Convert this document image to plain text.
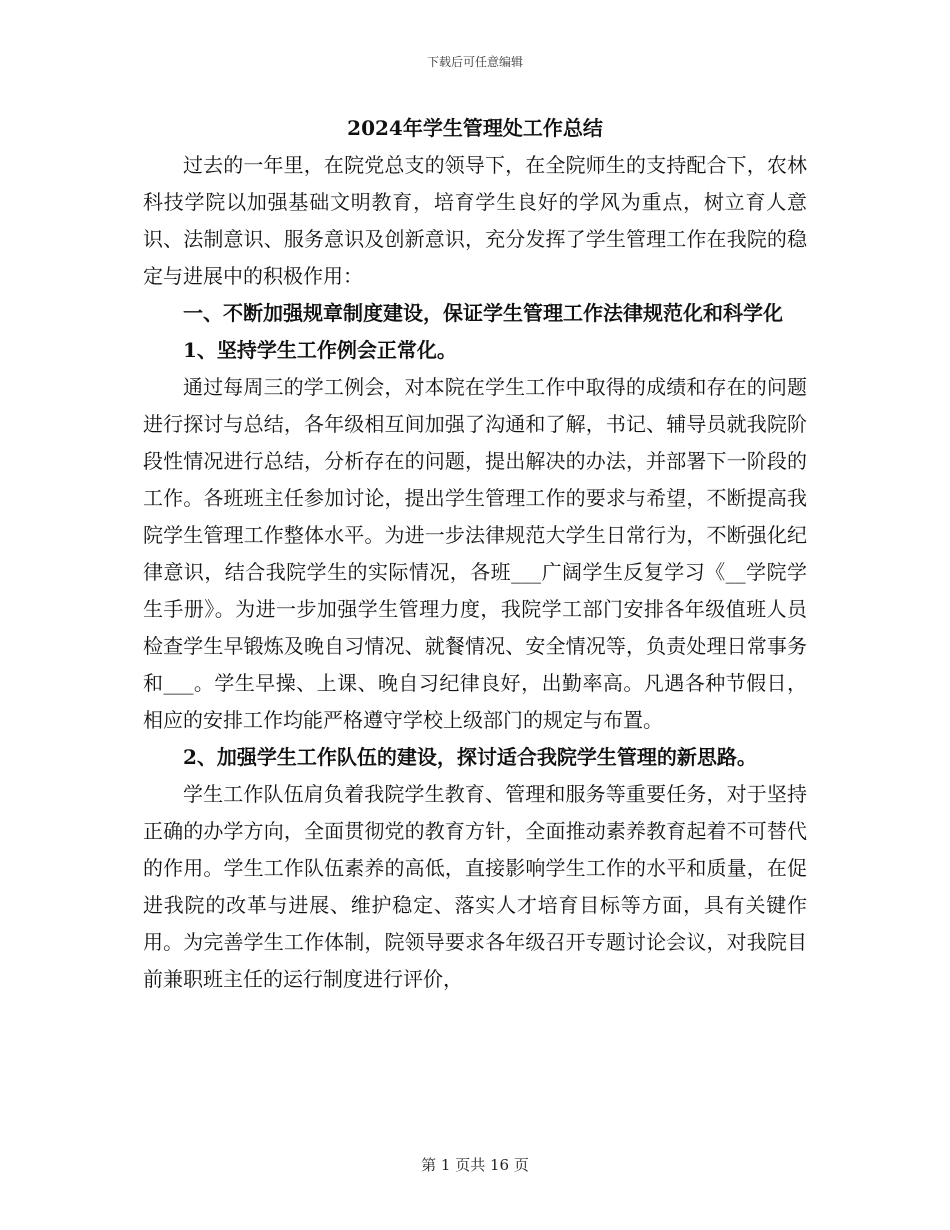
下载后可任意编辑
2024年学生管理处工作总结

过去的一年里，在院党总支的领导下，在全院师生的支持配合下，农林科技学院以加强基础文明教育，培育学生良好的学风为重点，树立育人意识、法制意识、服务意识及创新意识，充分发挥了学生管理工作在我院的稳定与进展中的积极作用：

一、不断加强规章制度建设，保证学生管理工作法律规范化和科学化

1、坚持学生工作例会正常化。

通过每周三的学工例会，对本院在学生工作中取得的成绩和存在的问题进行探讨与总结，各年级相互间加强了沟通和了解，书记、辅导员就我院阶段性情况进行总结，分析存在的问题，提出解决的办法，并部署下一阶段的工作。各班班主任参加讨论，提出学生管理工作的要求与希望，不断提高我院学生管理工作整体水平。为进一步法律规范大学生日常行为，不断强化纪律意识，结合我院学生的实际情况，各班___广阔学生反复学习《__学院学生手册》。为进一步加强学生管理力度，我院学工部门安排各年级值班人员检查学生早锻炼及晚自习情况、就餐情况、安全情况等，负责处理日常事务和___。学生早操、上课、晚自习纪律良好，出勤率高。凡遇各种节假日，相应的安排工作均能严格遵守学校上级部门的规定与布置。

2、加强学生工作队伍的建设，探讨适合我院学生管理的新思路。

学生工作队伍肩负着我院学生教育、管理和服务等重要任务，对于坚持正确的办学方向，全面贯彻党的教育方针，全面推动素养教育起着不可替代的作用。学生工作队伍素养的高低，直接影响学生工作的水平和质量，在促进我院的改革与进展、维护稳定、落实人才培育目标等方面，具有关键作用。为完善学生工作体制，院领导要求各年级召开专题讨论会议，对我院目前兼职班主任的运行制度进行评价，

第 1 页共 16 页
